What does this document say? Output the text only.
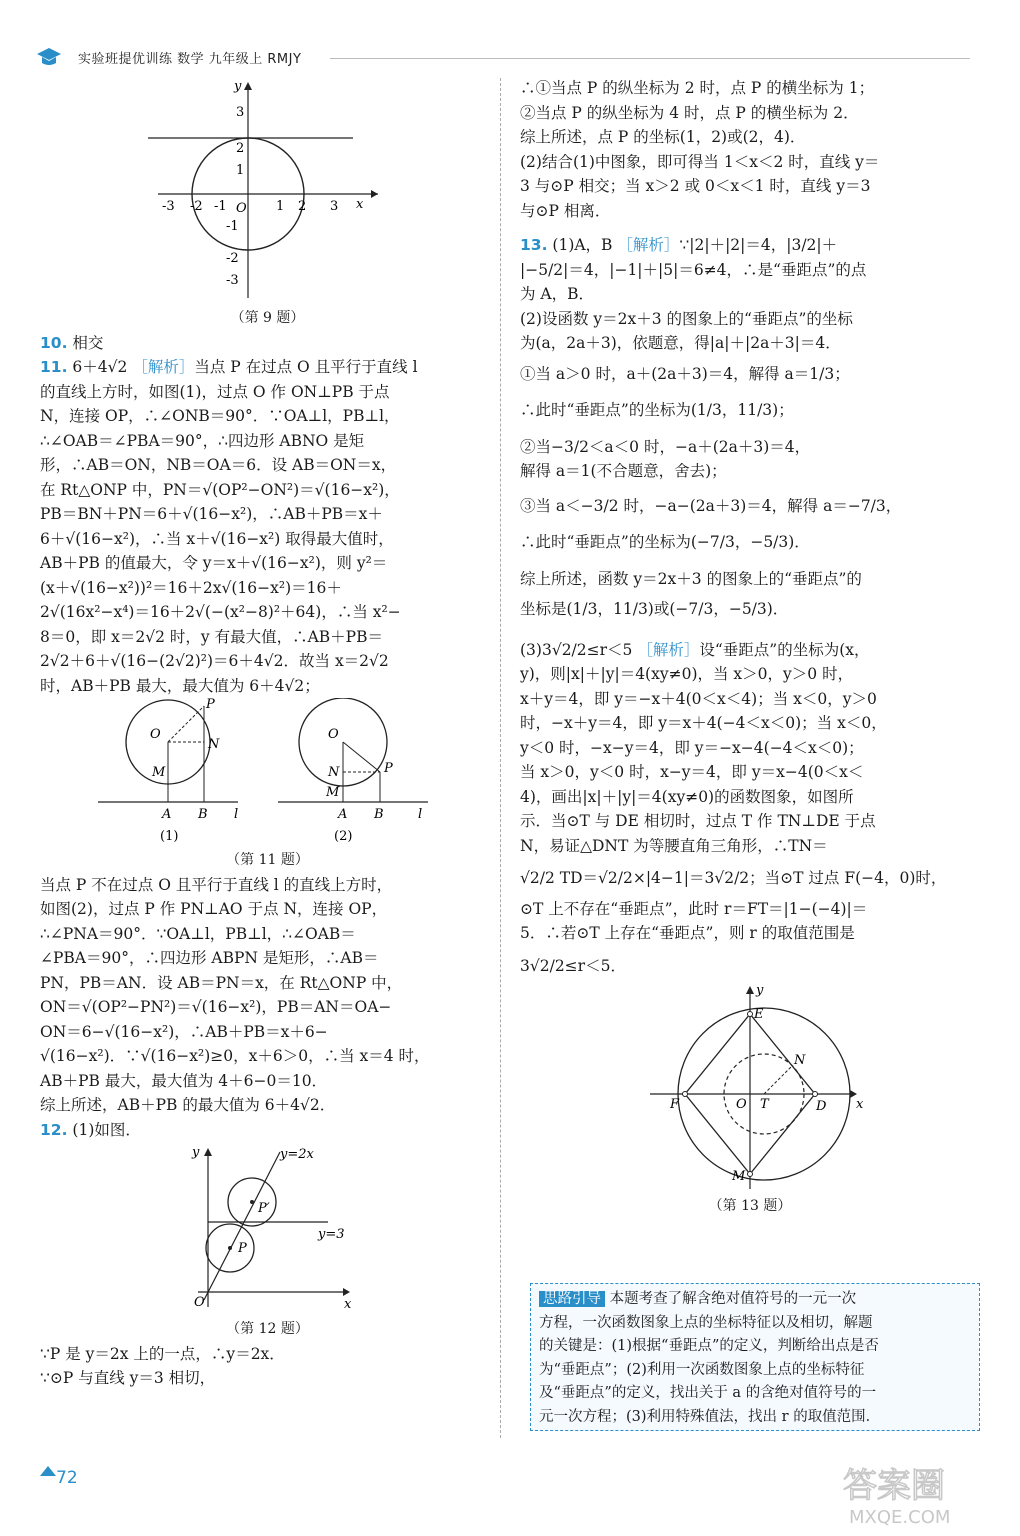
实验班提优训练 数学 九年级上 RMJY
-3 -2 -1 O 1 2 3 x
y
3
2
1
-1
-2
-3

（第 9 题）

10. 相交

11. 6＋4√2 ［解析］当点 P 在过点 O 且平行于直线 l

的直线上方时，如图(1)，过点 O 作 ON⊥PB 于点

N，连接 OP，∴∠ONB＝90°．∵OA⊥l，PB⊥l，

∴∠OAB＝∠PBA＝90°，∴四边形 ABNO 是矩

形，∴AB＝ON，NB＝OA＝6．设 AB＝ON＝x，

在 Rt△ONP 中，PN＝√(OP²−ON²)＝√(16−x²)，

PB＝BN＋PN＝6＋√(16−x²)，∴AB＋PB＝x＋

6＋√(16−x²)，∴当 x＋√(16−x²) 取得最大值时，

AB＋PB 的值最大，令 y＝x＋√(16−x²)，则 y²＝

(x＋√(16−x²))²＝16＋2x√(16−x²)＝16＋

2√(16x²−x⁴)＝16＋2√(−(x²−8)²＋64)，∴当 x²−

8＝0，即 x＝2√2 时，y 有最大值，∴AB＋PB＝

2√2＋6＋√(16−(2√2)²)＝6＋4√2．故当 x＝2√2

时，AB＋PB 最大，最大值为 6＋4√2；

O
P
N
M
A B l
(1)
O
N	P
M
A B	l
(2)

（第 11 题）

当点 P 不在过点 O 且平行于直线 l 的直线上方时，

如图(2)，过点 P 作 PN⊥AO 于点 N，连接 OP，

∴∠PNA＝90°．∵OA⊥l，PB⊥l，∴∠OAB＝

∠PBA＝90°，∴四边形 ABPN 是矩形，∴AB＝

PN，PB＝AN．设 AB＝PN＝x，在 Rt△ONP 中，

ON＝√(OP²−PN²)＝√(16−x²)，PB＝AN＝OA−

ON＝6−√(16−x²)，∴AB＋PB＝x＋6−

√(16−x²)．∵√(16−x²)≥0，x＋6＞0，∴当 x＝4 时，

AB＋PB 最大，最大值为 4＋6−0＝10．

综上所述，AB＋PB 的最大值为 6＋4√2．

12. (1)如图．

y=2x
y=3
P′
P
O	x
y

（第 12 题）

∵P 是 y＝2x 上的一点，∴y＝2x．

∵⊙P 与直线 y＝3 相切，

∴①当点 P 的纵坐标为 2 时，点 P 的横坐标为 1；

②当点 P 的纵坐标为 4 时，点 P 的横坐标为 2．

综上所述，点 P 的坐标(1，2)或(2，4)．

(2)结合(1)中图象，即可得当 1＜x＜2 时，直线 y＝

3 与⊙P 相交；当 x＞2 或 0＜x＜1 时，直线 y＝3

与⊙P 相离．

13. (1)A，B ［解析］∵|2|＋|2|＝4，|3/2|＋

|−5/2|＝4，|−1|＋|5|＝6≠4，∴是“垂距点”的点

为 A，B．

(2)设函数 y＝2x＋3 的图象上的“垂距点”的坐标

为(a，2a＋3)，依题意，得|a|＋|2a＋3|＝4．

①当 a＞0 时，a＋(2a＋3)＝4，解得 a＝1/3；

∴此时“垂距点”的坐标为(1/3，11/3)；

②当−3/2＜a＜0 时，−a＋(2a＋3)＝4，

解得 a＝1(不合题意，舍去)；

③当 a＜−3/2 时，−a−(2a＋3)＝4，解得 a＝−7/3，

∴此时“垂距点”的坐标为(−7/3，−5/3)．

综上所述，函数 y＝2x＋3 的图象上的“垂距点”的

坐标是(1/3，11/3)或(−7/3，−5/3)．

(3)3√2/2≤r＜5 ［解析］设“垂距点”的坐标为(x，

y)，则|x|＋|y|＝4(xy≠0)，当 x＞0，y＞0 时，

x＋y＝4，即 y＝−x＋4(0＜x＜4)；当 x＜0，y＞0

时，−x＋y＝4，即 y＝x＋4(−4＜x＜0)；当 x＜0，

y＜0 时，−x−y＝4，即 y＝−x−4(−4＜x＜0)；

当 x＞0，y＜0 时，x−y＝4，即 y＝x−4(0＜x＜

4)，画出|x|＋|y|＝4(xy≠0)的函数图象，如图所

示．当⊙T 与 DE 相切时，过点 T 作 TN⊥DE 于点

N，易证△DNT 为等腰直角三角形，∴TN＝

√2/2 TD＝√2/2×|4−1|＝3√2/2；当⊙T 过点 F(−4，0)时，

⊙T 上不存在“垂距点”，此时 r＝FT＝|1−(−4)|＝

5．∴若⊙T 上存在“垂距点”，则 r 的取值范围是

3√2/2≤r＜5．

E
N
F	O T	D
M
x
y

（第 13 题）

思路引导 本题考查了解含绝对值符号的一元一次

方程，一次函数图象上点的坐标特征以及相切，解题

的关键是：(1)根据“垂距点”的定义，判断给出点是否

为“垂距点”；(2)利用一次函数图象上点的坐标特征

及“垂距点”的定义，找出关于 a 的含绝对值符号的一

元一次方程；(3)利用特殊值法，找出 r 的取值范围．

72	答案圈
MXQE.COM
